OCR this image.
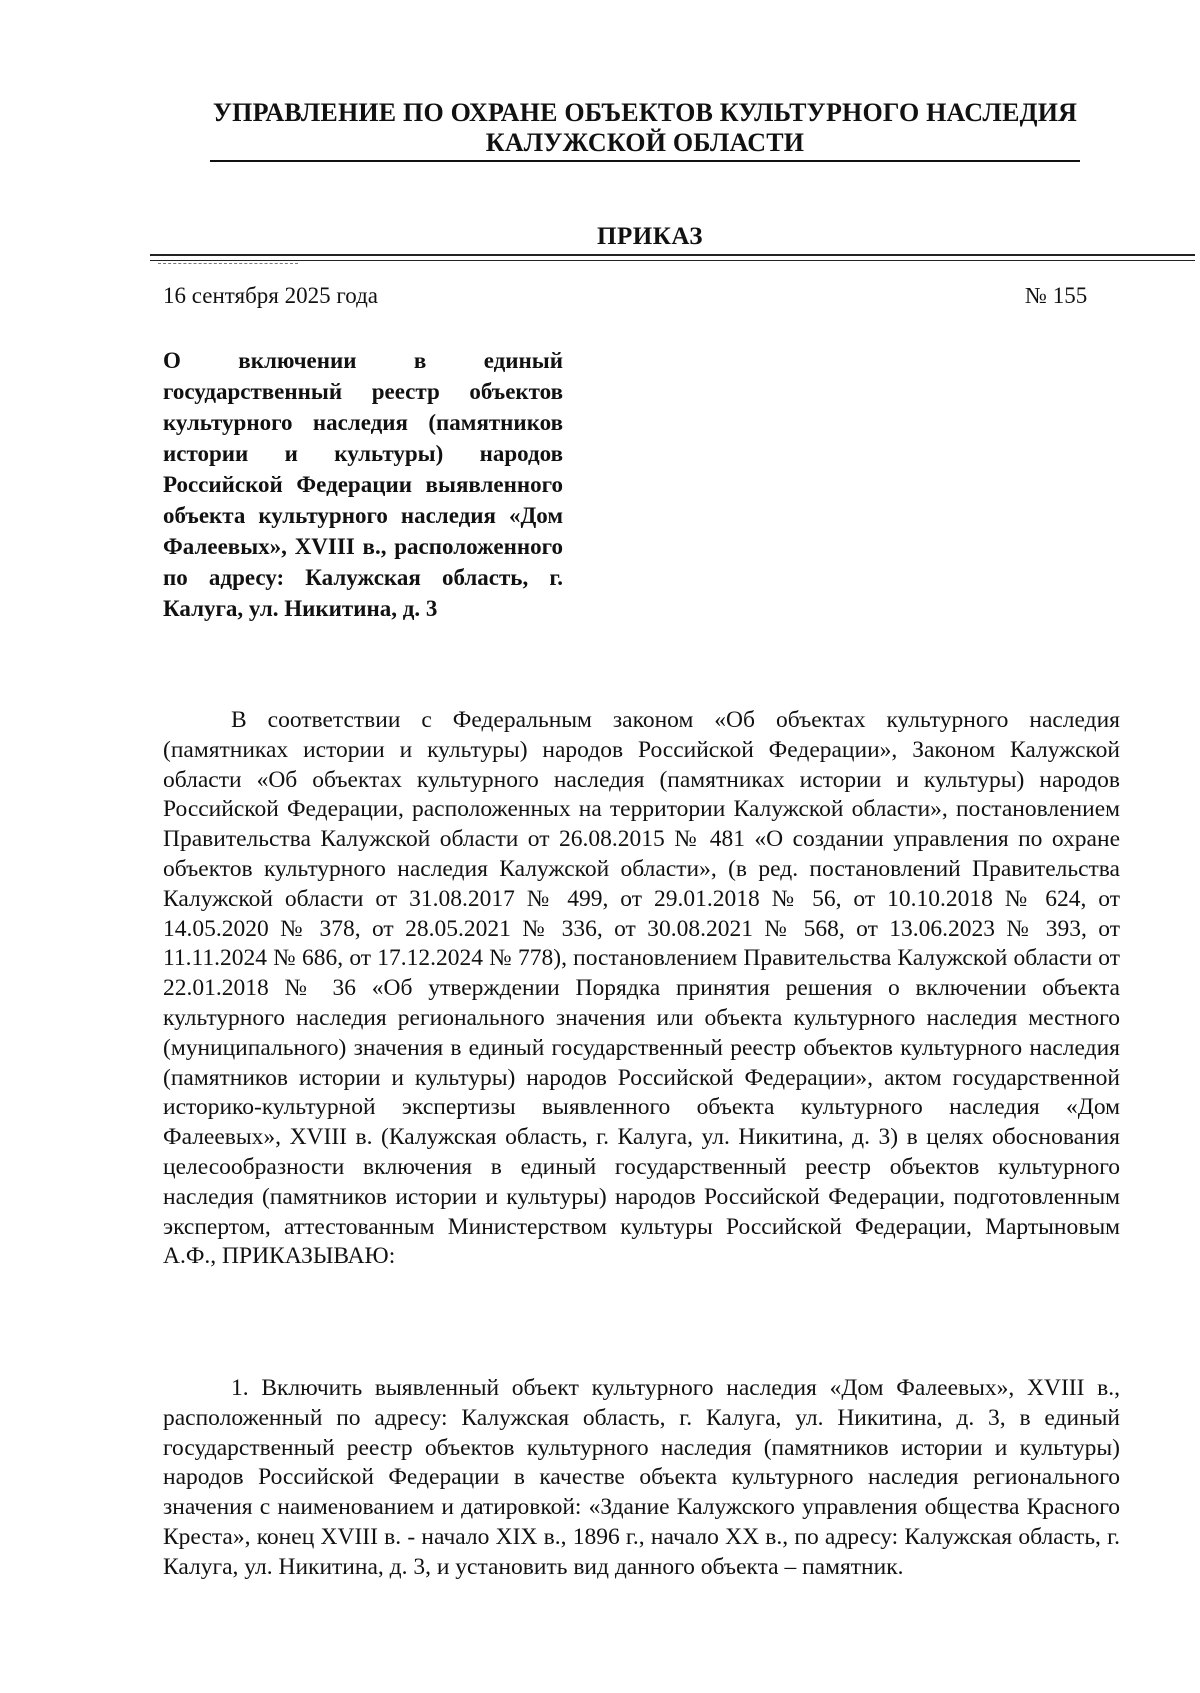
УПРАВЛЕНИЕ ПО ОХРАНЕ ОБЪЕКТОВ КУЛЬТУРНОГО НАСЛЕДИЯ
КАЛУЖСКОЙ ОБЛАСТИ
ПРИКАЗ
16 сентября 2025 года	№ 155

О включении в единый государственный реестр объектов культурного наследия (памятников истории и культуры) народов Российской Федерации выявленного объекта культурного наследия «Дом Фалеевых», XVIII в., расположенного по адресу: Калужская область, г. Калуга, ул. Никитина, д. 3

В соответствии с Федеральным законом «Об объектах культурного наследия (памятниках истории и культуры) народов Российской Федерации», Законом Калужской области «Об объектах культурного наследия (памятниках истории и культуры) народов Российской Федерации, расположенных на территории Калужской области», постановлением Правительства Калужской области от 26.08.2015 № 481 «О создании управления по охране объектов культурного наследия Калужской области», (в ред. постановлений Правительства Калужской области от 31.08.2017 № 499, от 29.01.2018 № 56, от 10.10.2018 № 624, от 14.05.2020 № 378, от 28.05.2021 № 336, от 30.08.2021 № 568, от 13.06.2023 № 393, от 11.11.2024 № 686, от 17.12.2024 № 778), постановлением Правительства Калужской области от 22.01.2018 № 36 «Об утверждении Порядка принятия решения о включении объекта культурного наследия регионального значения или объекта культурного наследия местного (муниципального) значения в единый государственный реестр объектов культурного наследия (памятников истории и культуры) народов Российской Федерации», актом государственной историко-культурной экспертизы выявленного объекта культурного наследия «Дом Фалеевых», XVIII в. (Калужская область, г. Калуга, ул. Никитина, д. 3) в целях обоснования целесообразности включения в единый государственный реестр объектов культурного наследия (памятников истории и культуры) народов Российской Федерации, подготовленным экспертом, аттестованным Министерством культуры Российской Федерации, Мартыновым А.Ф., ПРИКАЗЫВАЮ:

1. Включить выявленный объект культурного наследия «Дом Фалеевых», XVIII в., расположенный по адресу: Калужская область, г. Калуга, ул. Никитина, д. 3, в единый государственный реестр объектов культурного наследия (памятников истории и культуры) народов Российской Федерации в качестве объекта культурного наследия регионального значения с наименованием и датировкой: «Здание Калужского управления общества Красного Креста», конец XVIII в. - начало XIX в., 1896 г., начало XX в., по адресу: Калужская область, г. Калуга, ул. Никитина, д. 3, и установить вид данного объекта – памятник.
